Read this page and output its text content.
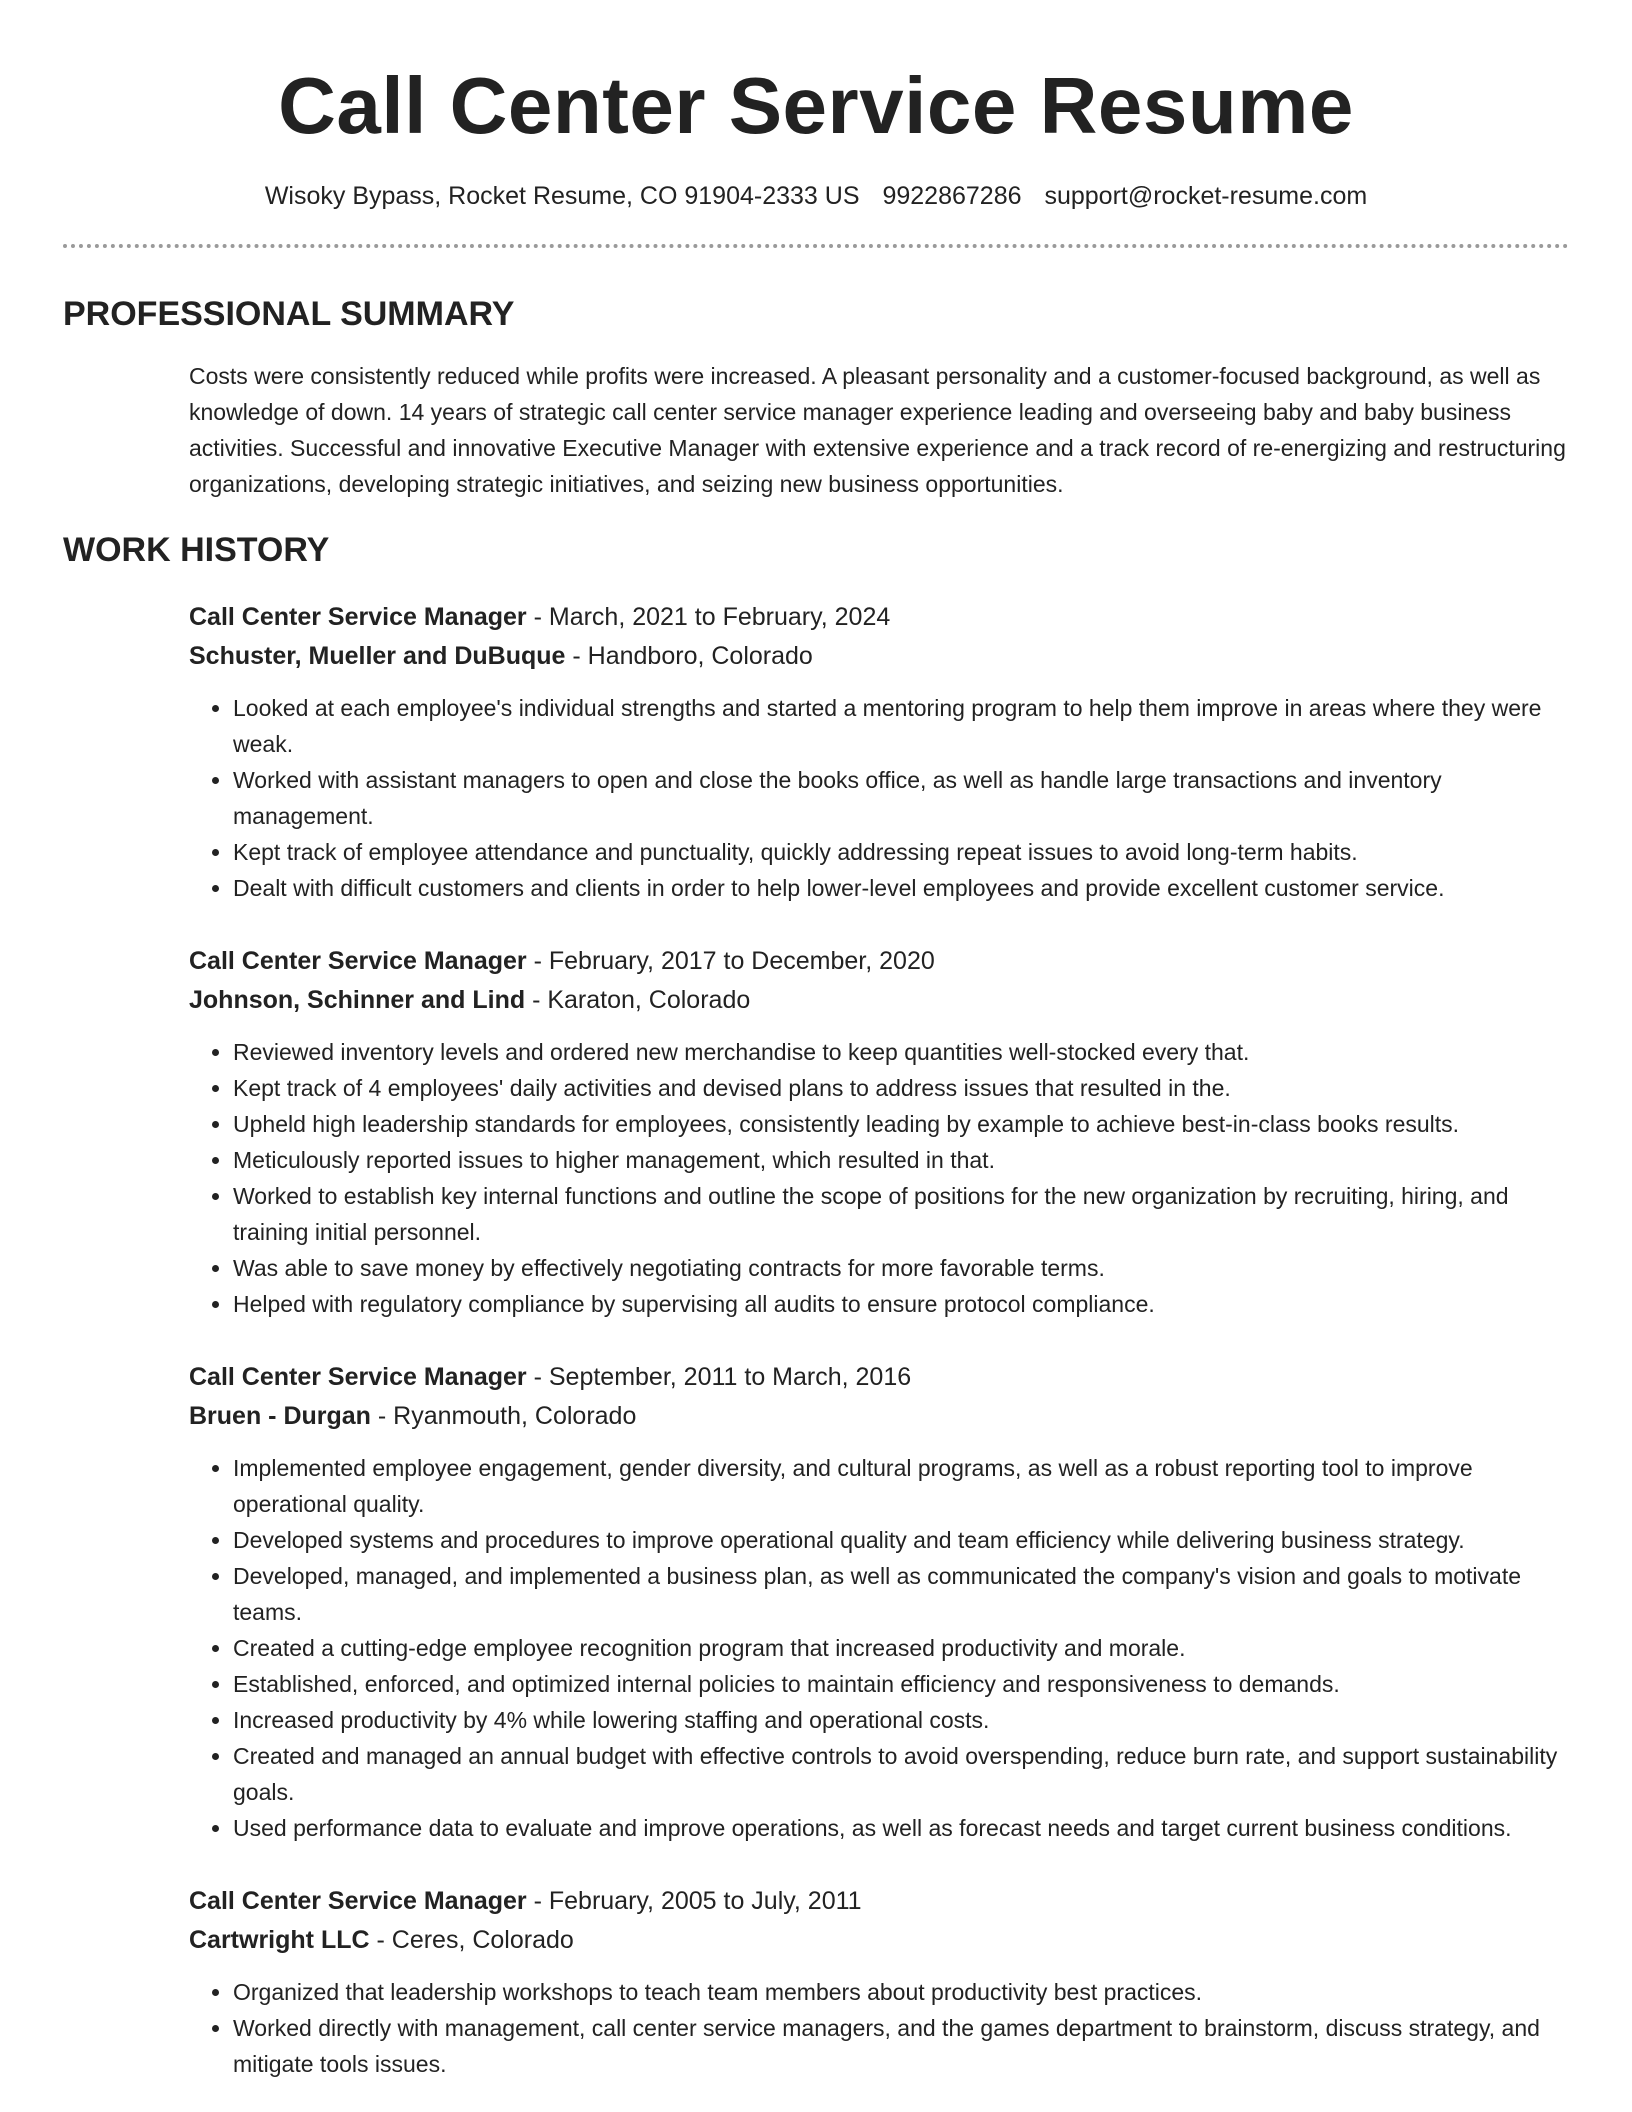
Call Center Service Resume
Wisoky Bypass, Rocket Resume, CO 91904-2333 US 9922867286 support@rocket-resume.com
PROFESSIONAL SUMMARY

Costs were consistently reduced while profits were increased. A pleasant personality and a customer-focused background, as well as knowledge of down. 14 years of strategic call center service manager experience leading and overseeing baby and baby business activities. Successful and innovative Executive Manager with extensive experience and a track record of re-energizing and restructuring organizations, developing strategic initiatives, and seizing new business opportunities.

WORK HISTORY
Call Center Service Manager - March, 2021 to February, 2024
Schuster, Mueller and DuBuque - Handboro, Colorado
• Looked at each employee's individual strengths and started a mentoring program to help them improve in areas where they were weak.
• Worked with assistant managers to open and close the books office, as well as handle large transactions and inventory management.
• Kept track of employee attendance and punctuality, quickly addressing repeat issues to avoid long-term habits.
• Dealt with difficult customers and clients in order to help lower-level employees and provide excellent customer service.
Call Center Service Manager - February, 2017 to December, 2020
Johnson, Schinner and Lind - Karaton, Colorado
• Reviewed inventory levels and ordered new merchandise to keep quantities well-stocked every that.
• Kept track of 4 employees' daily activities and devised plans to address issues that resulted in the.
• Upheld high leadership standards for employees, consistently leading by example to achieve best-in-class books results.
• Meticulously reported issues to higher management, which resulted in that.
• Worked to establish key internal functions and outline the scope of positions for the new organization by recruiting, hiring, and training initial personnel.
• Was able to save money by effectively negotiating contracts for more favorable terms.
• Helped with regulatory compliance by supervising all audits to ensure protocol compliance.
Call Center Service Manager - September, 2011 to March, 2016
Bruen - Durgan - Ryanmouth, Colorado
• Implemented employee engagement, gender diversity, and cultural programs, as well as a robust reporting tool to improve operational quality.
• Developed systems and procedures to improve operational quality and team efficiency while delivering business strategy.
• Developed, managed, and implemented a business plan, as well as communicated the company's vision and goals to motivate teams.
• Created a cutting-edge employee recognition program that increased productivity and morale.
• Established, enforced, and optimized internal policies to maintain efficiency and responsiveness to demands.
• Increased productivity by 4% while lowering staffing and operational costs.
• Created and managed an annual budget with effective controls to avoid overspending, reduce burn rate, and support sustainability goals.
• Used performance data to evaluate and improve operations, as well as forecast needs and target current business conditions.
Call Center Service Manager - February, 2005 to July, 2011
Cartwright LLC - Ceres, Colorado
• Organized that leadership workshops to teach team members about productivity best practices.
• Worked directly with management, call center service managers, and the games department to brainstorm, discuss strategy, and mitigate tools issues.
